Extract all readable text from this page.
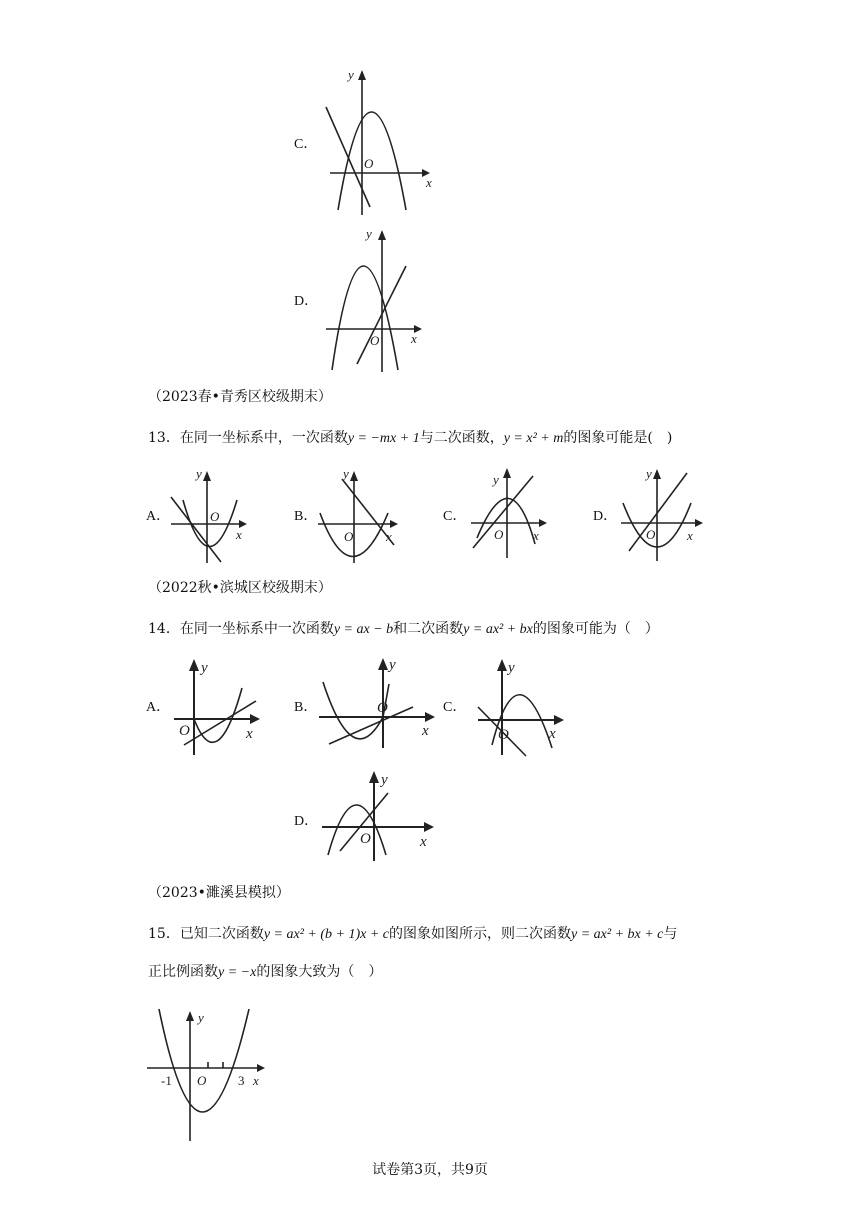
C．
y
O
x
D．
y
O x
（2023春•青秀区校级期末）
13．在同一坐标系中，一次函数y = −mx + 1与二次函数，y = x² + m的图象可能是(　)
A．
y
O
x
B．
y
O	x
C．
y
O x
D．
y
O x
（2022秋•滨城区校级期末）
14．在同一坐标系中一次函数y = ax − b和二次函数y = ax² + bx的图象可能为（　）
A．
y
O	x
B．
y
O
x
C．
y
O	x
D．
y
O	x
（2023•濉溪县模拟）
15．已知二次函数y = ax² + (b + 1)x + c的图象如图所示，则二次函数y = ax² + bx + c与
正比例函数y = −x的图象大致为（　）
y
-1 O 3 x
试卷第3页，共9页
